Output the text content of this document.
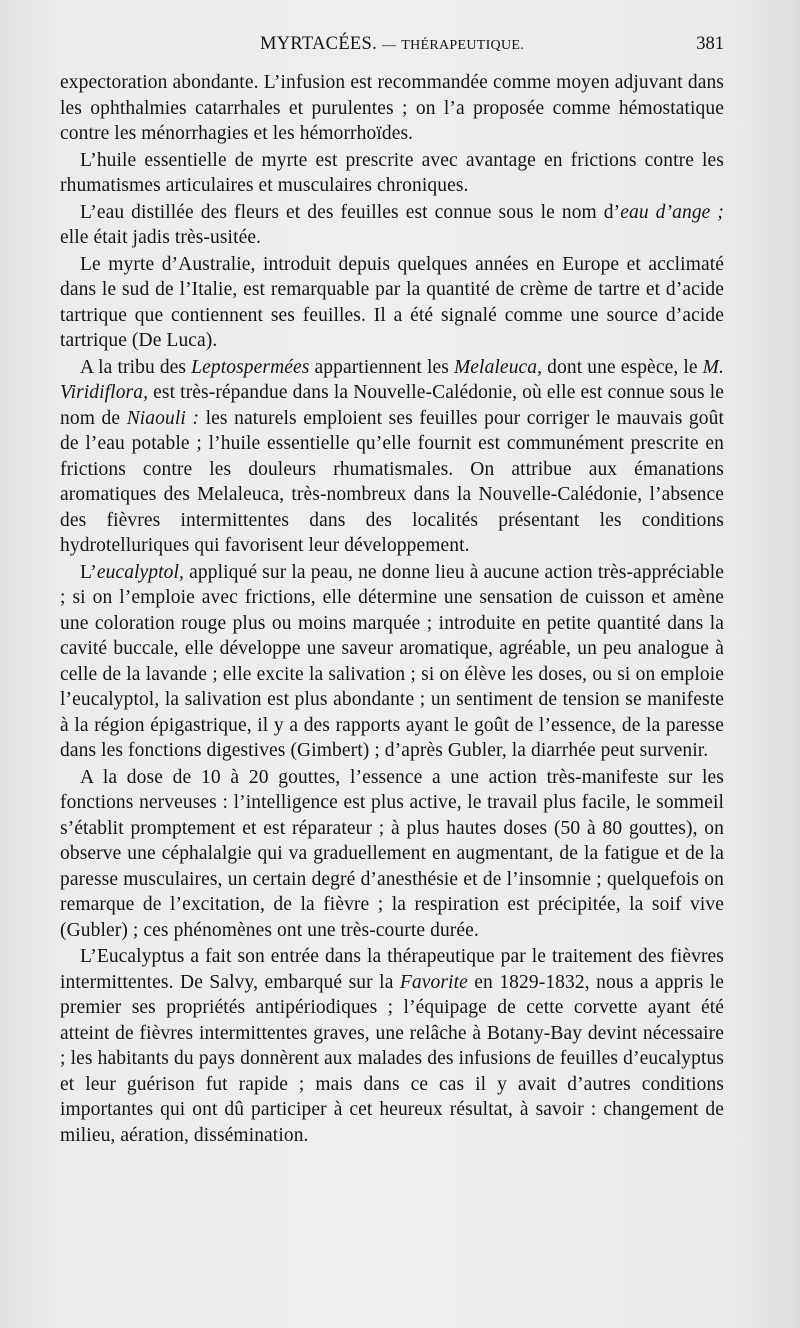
MYRTACÉES. — THÉRAPEUTIQUE.	381

expectoration abondante. L’infusion est recommandée comme moyen adjuvant dans les ophthalmies catarrhales et purulentes ; on l’a proposée comme hémostatique contre les ménorrhagies et les hémorrhoïdes.

L’huile essentielle de myrte est prescrite avec avantage en frictions contre les rhumatismes articulaires et musculaires chroniques.

L’eau distillée des fleurs et des feuilles est connue sous le nom d’eau d’ange ; elle était jadis très-usitée.

Le myrte d’Australie, introduit depuis quelques années en Europe et acclimaté dans le sud de l’Italie, est remarquable par la quantité de crème de tartre et d’acide tartrique que contiennent ses feuilles. Il a été signalé comme une source d’acide tartrique (De Luca).

A la tribu des Leptospermées appartiennent les Melaleuca, dont une espèce, le M. Viridiflora, est très-répandue dans la Nouvelle-Calédonie, où elle est connue sous le nom de Niaouli : les naturels emploient ses feuilles pour corriger le mauvais goût de l’eau potable ; l’huile essentielle qu’elle fournit est communément prescrite en frictions contre les douleurs rhumatismales. On attribue aux émanations aromatiques des Melaleuca, très-nombreux dans la Nouvelle-Calédonie, l’absence des fièvres intermittentes dans des localités présentant les conditions hydrotelluriques qui favorisent leur développement.

L’eucalyptol, appliqué sur la peau, ne donne lieu à aucune action très-appréciable ; si on l’emploie avec frictions, elle détermine une sensation de cuisson et amène une coloration rouge plus ou moins marquée ; introduite en petite quantité dans la cavité buccale, elle développe une saveur aromatique, agréable, un peu analogue à celle de la lavande ; elle excite la salivation ; si on élève les doses, ou si on emploie l’eucalyptol, la salivation est plus abondante ; un sentiment de tension se manifeste à la région épigastrique, il y a des rapports ayant le goût de l’essence, de la paresse dans les fonctions digestives (Gimbert) ; d’après Gubler, la diarrhée peut survenir.

A la dose de 10 à 20 gouttes, l’essence a une action très-manifeste sur les fonctions nerveuses : l’intelligence est plus active, le travail plus facile, le sommeil s’établit promptement et est réparateur ; à plus hautes doses (50 à 80 gouttes), on observe une céphalalgie qui va graduellement en augmentant, de la fatigue et de la paresse musculaires, un certain degré d’anesthésie et de l’insomnie ; quelquefois on remarque de l’excitation, de la fièvre ; la respiration est précipitée, la soif vive (Gubler) ; ces phénomènes ont une très-courte durée.

L’Eucalyptus a fait son entrée dans la thérapeutique par le traitement des fièvres intermittentes. De Salvy, embarqué sur la Favorite en 1829-1832, nous a appris le premier ses propriétés antipériodiques ; l’équipage de cette corvette ayant été atteint de fièvres intermittentes graves, une relâche à Botany-Bay devint nécessaire ; les habitants du pays donnèrent aux malades des infusions de feuilles d’eucalyptus et leur guérison fut rapide ; mais dans ce cas il y avait d’autres conditions importantes qui ont dû participer à cet heureux résultat, à savoir : changement de milieu, aération, dissémination.
